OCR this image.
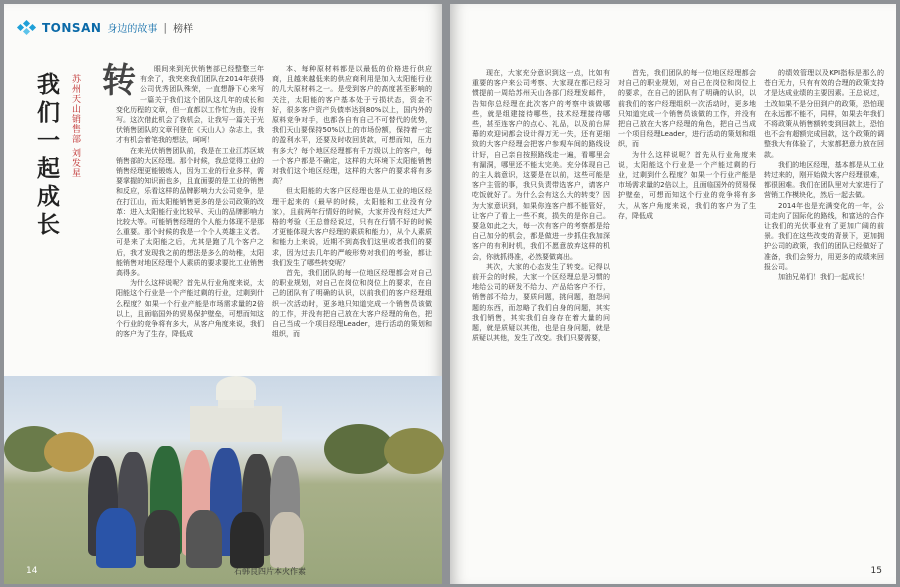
TONSAN 身边的故事 | 榜样
我们一起成长 苏州天山销售部 刘发星 转	眼间来到光伏销售部已经整整三年有余了，我突来我们团队在2014年获得公司优秀团队殊荣，一直想静下心来写一篇关于我们这个团队这几年的成长和变化历程的文章，但一直都以工作忙为由，没有写。这次借此机会了我机会，让我写一篇关于光伏销售团队的文章刊登在《天山人》杂志上，我才有机会着笔我的想法，呵呵！

在来光伏销售团队前，我是在工业江苏区域销售部的大区经理。那个时候，我总觉得工业的销售经理更能锻炼人，因为工业的行业多样，需要掌握的知识面也多，且直面要的是工业的销售和反应，乐看这样的品牌影响力大公司竞争，是在打江山，而太阳能销售更多的是公司政策的改革：进入太阳能行业比较早、天山的品牌影响力比较大等。可能销售经理的个人能力体现不是那么重要。那个时候的我是一个个人英雄主义者。可是来了太阳能之后，尤其是跑了几个客户之后，我才发现我之前的想法是多么的幼稚，太阳能销售对地区经理个人素质的要求要比工业销售高得多。

为什么这样说呢？首先从行业角度来说，太阳能这个行业是一个产能过剩的行业，过剩到什么程度？如果一个行业产能是市场需求量的2倍以上，且面临国外的贸易保护壁垒，可想而知这个行业的竞争将有多大，从客户角度来说，我们的客户为了生存，降低成

本、每种原材料都是以最低的价格进行供应商，且越来越低来的供应商利用是加入太阳能行业的几大原材料之一。是受到客户的高度甚至影响的关注，太阳能的客户基本处于亏损状态，资金不好，很多客户资产负债率达到80%以上，国内外的原料竞争对手，也都各自有自己不可替代的优势，我们天山要保持50%以上的市场份额，保持着一定的盈利水平，还要及时收回货款，可想而知，压力有多大？每个地区经理都有千万级以上的客户，每一个客户都是不确定，这样的大环境下太阳能销售对我们这个地区经理，这样的大客户的要求将有多高？

但太阳能的大客户区经理也是从工业的地区经理干起来的（最早的时候，太阳能和工业没有分家），且前两年行情好的时候，大家并没有经过大严格的考验（王总曾经说过，只有在行情不好的时候才更能体现大客户经理的素质和能力），从个人素质和能力上来说，近期不到高我们这里或者我们的要求，因为过去几年的严峻形势对我们的考验，都让我们发生了哪些转变呢？

首先，我们团队的每一位地区经理都会对自己的职业规划，对自己在岗位和岗位上的要求，在自己的团队有了明确的认识，以前我们的客户经理组织一次活动时，更多地只知道完成一个销售员该做的工作，并没有把自己放在大客户经理的角色，把自己当成一个项目经理Leader，进行活动的策划和组织，而

石韩良四片本火作素
14

现在，大家充分意识到这一点，比如有重要的客户来公司考察、大家现在都已经习惯提前一周给苏州天山各部门经理发邮件，告知你总经理在此次客户的考察中该做哪些，就是组建接待哪些，技术经理接待哪些，甚至连客户的点心、礼品，以及前台屏幕的欢迎词都会设计得万无一失，还有更细致的大客户经理会把客户参观车间的路线设计好，自己亲自按照路线走一遍，看哪里会有漏洞，哪里还不能太完美。充分体现自己的主人翁意识，这要是在以前，这些可能是客户主管的事，我只负责带选客户，请客户吃饭就好了。为什么会有这么大的转变？因为大家意识到，如果你连客户都不能管好，让客户了看上一些不爽，损失的是你自己。要急如此之大，每一次有客户的考察都是给自己加分的机会，都是做进一步抓住我加深客户的有利时机，我们不愿意放弃这样的机会，你就抓得准，必然要做离出。

其次，大家的心态发生了转变。记得以前开会的时候，大家一个区经理总是习惯的地给公司的研发不给力、产品给客户不行，销售部不给力，要质问题，挑问题，抱怨问题的东西，而忽略了我们自身的问题，其实我们销售，其实我们自身存在着大量的问题，就是质疑以其他，也是自身问题，就是质疑以其他，发生了改变。我们只要需要，

首先，我们团队的每一位地区经理都会对自己的职业规划，对自己在岗位和岗位上的要求，在自己的团队有了明确的认识，以前我们的客户经理组织一次活动时，更多地只知道完成一个销售员该做的工作，并没有把自己放在大客户经理的角色，把自己当成一个项目经理Leader，进行活动的策划和组织，而

为什么这样说呢？首先从行业角度来说，太阳能这个行业是一个产能过剩的行业，过剩到什么程度？如果一个行业产能是市场需求量的2倍以上，且面临国外的贸易保护壁垒，可想而知这个行业的竞争将有多大，从客户角度来说，我们的客户为了生存，降低成

的绩效管理以及KPI指标是那么的苍白无力，只有有效的合理的政策支持才是达成业绩的主要因素。王总说过，土改如果不是分田到户的政策，恐怕现在永远都不能不，同样，如果去年我们不将政策从销售额转变到回款上，恐怕也不会有超额完成回款，这个政策的调整我大有体验了，大家都把意力放在回款。

我们的地区经理，基本都是从工业转过来的，刚开始做大客户经理很难，都很困难。我们在团队里对大家进行了营销工作模块化，然后一起去做。

2014年也是充满变化的一年，公司走向了国际化的路线，和富达的合作让我们的光伏事业有了更加广阔的前景。我们在这些改变的背景下，更加拥护公司的政策，我们的团队已经做好了准备，我们会努力，用更多的成绩来回报公司。

加油兄弟们！我们一起成长！

15
